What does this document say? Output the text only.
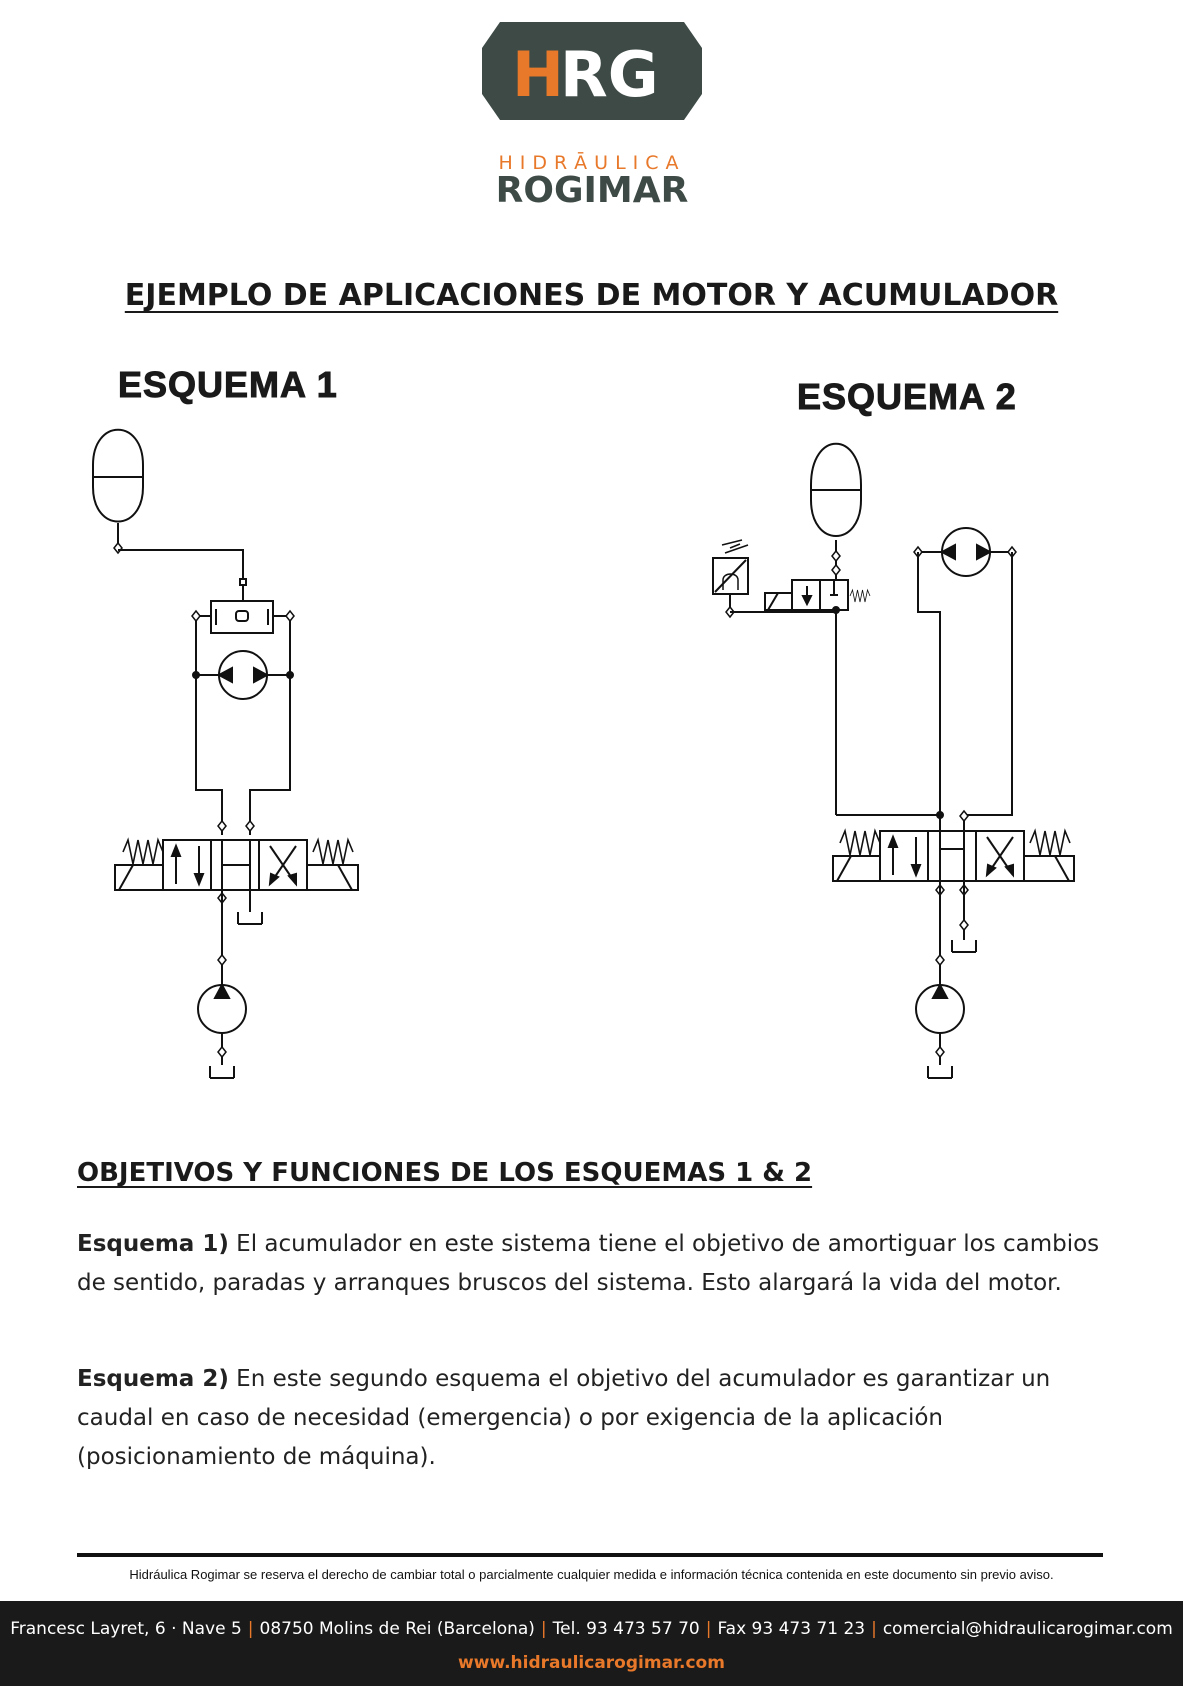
H
RG
HIDRĀULICA
ROGIMAR
EJEMPLO DE APLICACIONES DE MOTOR Y ACUMULADOR
ESQUEMA 1	ESQUEMA 2
OBJETIVOS Y FUNCIONES DE LOS ESQUEMAS 1 & 2
Esquema 1) El acumulador en este sistema tiene el objetivo de amortiguar los cambios de sentido, paradas y arranques bruscos del sistema. Esto alargará la vida del motor.
Esquema 2) En este segundo esquema el objetivo del acumulador es garantizar un caudal en caso de necesidad (emergencia) o por exigencia de la aplicación (posicionamiento de máquina).
Hidráulica Rogimar se reserva el derecho de cambiar total o parcialmente cualquier medida e información técnica contenida en este documento sin previo aviso.
Francesc Layret, 6 · Nave 5 | 08750 Molins de Rei (Barcelona) | Tel. 93 473 57 70 | Fax 93 473 71 23 | comercial@hidraulicarogimar.com
www.hidraulicarogimar.com
